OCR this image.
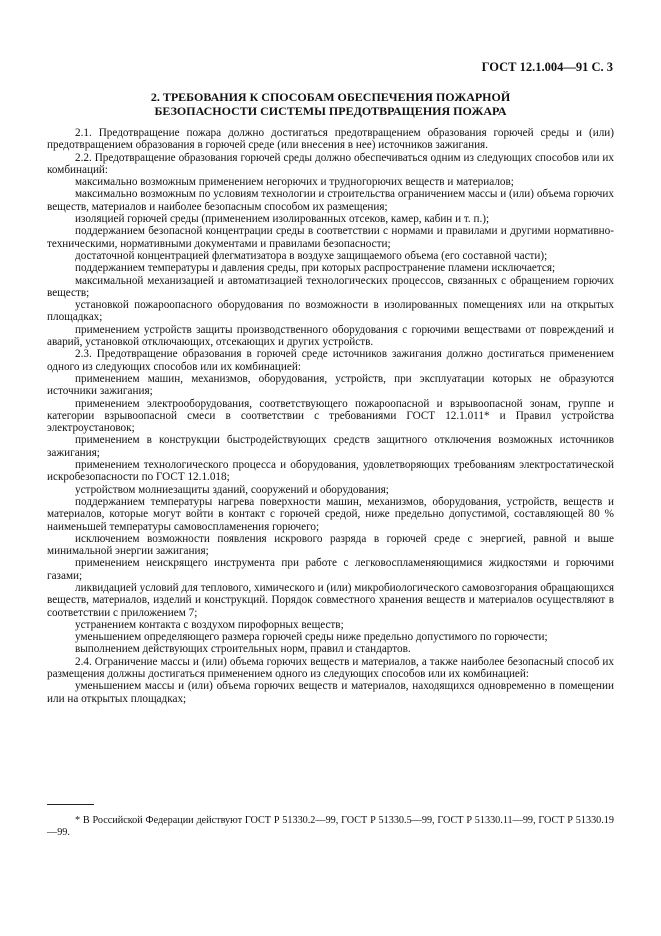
ГОСТ 12.1.004—91 С. 3
2. ТРЕБОВАНИЯ К СПОСОБАМ ОБЕСПЕЧЕНИЯ ПОЖАРНОЙ
БЕЗОПАСНОСТИ СИСТЕМЫ ПРЕДОТВРАЩЕНИЯ ПОЖАРА

2.1. Предотвращение пожара должно достигаться предотвращением образования горючей среды и (или) предотвращением образования в горючей среде (или внесения в нее) источников зажигания.

2.2. Предотвращение образования горючей среды должно обеспечиваться одним из следующих способов или их комбинаций:

максимально возможным применением негорючих и трудногорючих веществ и материалов;

максимально возможным по условиям технологии и строительства ограничением массы и (или) объема горючих веществ, материалов и наиболее безопасным способом их размещения;

изоляцией горючей среды (применением изолированных отсеков, камер, кабин и т. п.);

поддержанием безопасной концентрации среды в соответствии с нормами и правилами и другими нормативно-техническими, нормативными документами и правилами безопасности;

достаточной концентрацией флегматизатора в воздухе защищаемого объема (его составной части);

поддержанием температуры и давления среды, при которых распространение пламени исключается;

максимальной механизацией и автоматизацией технологических процессов, связанных с обращением горючих веществ;

установкой пожароопасного оборудования по возможности в изолированных помещениях или на открытых площадках;

применением устройств защиты производственного оборудования с горючими веществами от повреждений и аварий, установкой отключающих, отсекающих и других устройств.

2.3. Предотвращение образования в горючей среде источников зажигания должно достигаться применением одного из следующих способов или их комбинацией:

применением машин, механизмов, оборудования, устройств, при эксплуатации которых не образуются источники зажигания;

применением электрооборудования, соответствующего пожароопасной и взрывоопасной зонам, группе и категории взрывоопасной смеси в соответствии с требованиями ГОСТ 12.1.011* и Правил устройства электроустановок;

применением в конструкции быстродействующих средств защитного отключения возможных источников зажигания;

применением технологического процесса и оборудования, удовлетворяющих требованиям электростатической искробезопасности по ГОСТ 12.1.018;

устройством молниезащиты зданий, сооружений и оборудования;

поддержанием температуры нагрева поверхности машин, механизмов, оборудования, устройств, веществ и материалов, которые могут войти в контакт с горючей средой, ниже предельно допустимой, составляющей 80 % наименьшей температуры самовоспламенения горючего;

исключением возможности появления искрового разряда в горючей среде с энергией, равной и выше минимальной энергии зажигания;

применением неискрящего инструмента при работе с легковоспламеняющимися жидкостями и горючими газами;

ликвидацией условий для теплового, химического и (или) микробиологического самовозгорания обращающихся веществ, материалов, изделий и конструкций. Порядок совместного хранения веществ и материалов осуществляют в соответствии с приложением 7;

устранением контакта с воздухом пирофорных веществ;

уменьшением определяющего размера горючей среды ниже предельно допустимого по горючести;

выполнением действующих строительных норм, правил и стандартов.

2.4. Ограничение массы и (или) объема горючих веществ и материалов, а также наиболее безопасный способ их размещения должны достигаться применением одного из следующих способов или их комбинацией:

уменьшением массы и (или) объема горючих веществ и материалов, находящихся одновременно в помещении или на открытых площадках;

* В Российской Федерации действуют ГОСТ Р 51330.2—99, ГОСТ Р 51330.5—99, ГОСТ Р 51330.11—99, ГОСТ Р 51330.19—99.
